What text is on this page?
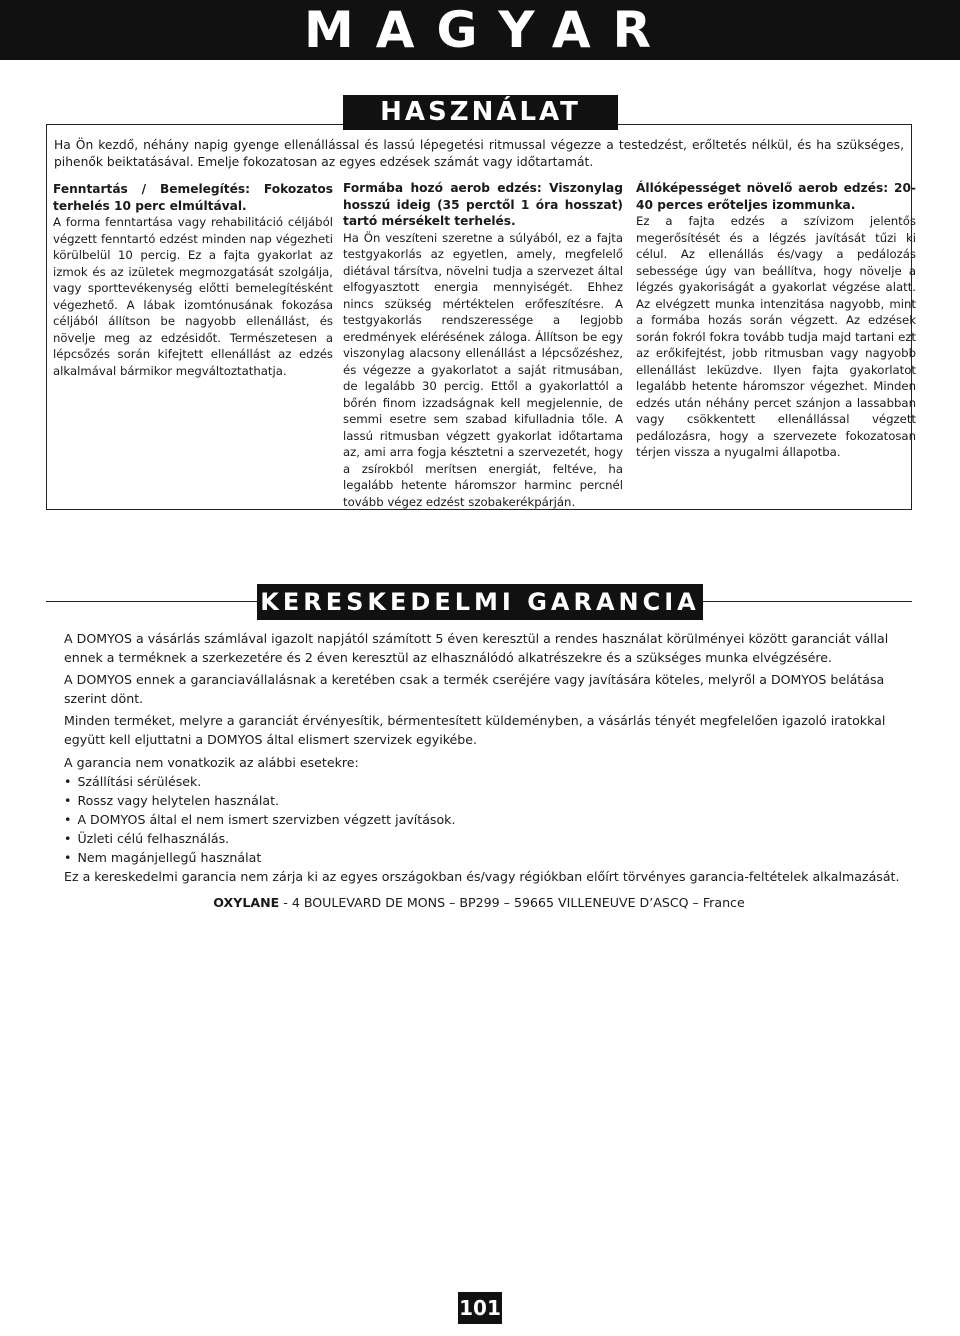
MAGYAR
HASZNÁLAT
Ha Ön kezdő, néhány napig gyenge ellenállással és lassú lépegetési ritmussal végezze a testedzést, erőltetés nélkül, és ha szükséges, pihenők beiktatásával. Emelje fokozatosan az egyes edzések számát vagy időtartamát.

Fenntartás / Bemelegítés: Fokozatos terhelés 10 perc elmúltával.

A forma fenntartása vagy rehabilitáció céljából végzett fenntartó edzést minden nap végezheti körülbelül 10 percig. Ez a fajta gyakorlat az izmok és az izületek megmozgatását szolgálja, vagy sporttevékenység előtti bemelegítésként végezhető. A lábak izomtónusának fokozása céljából állítson be nagyobb ellenállást, és növelje meg az edzésidőt. Természetesen a lépcsőzés során kifejtett ellenállást az edzés alkalmával bármikor megváltoztathatja.

Formába hozó aerob edzés: Viszonylag hosszú ideig (35 perctől 1 óra hosszat) tartó mérsékelt terhelés.

Ha Ön veszíteni szeretne a súlyából, ez a fajta testgyakorlás az egyetlen, amely, megfelelő diétával társítva, növelni tudja a szervezet által elfogyasztott energia mennyiségét. Ehhez nincs szükség mértéktelen erőfeszítésre. A testgyakorlás rendszeressége a legjobb eredmények elérésének záloga. Állítson be egy viszonylag alacsony ellenállást a lépcsőzéshez, és végezze a gyakorlatot a saját ritmusában, de legalább 30 percig. Ettől a gyakorlattól a bőrén finom izzadságnak kell megjelennie, de semmi esetre sem szabad kifulladnia tőle. A lassú ritmusban végzett gyakorlat időtartama az, ami arra fogja késztetni a szervezetét, hogy a zsírokból merítsen energiát, feltéve, ha legalább hetente háromszor harminc percnél tovább végez edzést szobakerékpárján.

Állóképességet növelő aerob edzés: 20-40 perces erőteljes izommunka.

Ez a fajta edzés a szívizom jelentős megerősítését és a légzés javítását tűzi ki célul. Az ellenállás és/vagy a pedálozás sebessége úgy van beállítva, hogy növelje a légzés gyakoriságát a gyakorlat végzése alatt. Az elvégzett munka intenzitása nagyobb, mint a formába hozás során végzett. Az edzések során fokról fokra tovább tudja majd tartani ezt az erőkifejtést, jobb ritmusban vagy nagyobb ellenállást leküzdve. Ilyen fajta gyakorlatot legalább hetente háromszor végezhet. Minden edzés után néhány percet szánjon a lassabban vagy csökkentett ellenállással végzett pedálozásra, hogy a szervezete fokozatosan térjen vissza a nyugalmi állapotba.

KERESKEDELMI GARANCIA
A DOMYOS a vásárlás számlával igazolt napjától számított 5 éven keresztül a rendes használat körülményei között garanciát vállal ennek a terméknek a szerkezetére és 2 éven keresztül az elhasználódó alkatrészekre és a szükséges munka elvégzésére.
A DOMYOS ennek a garanciavállalásnak a keretében csak a termék cseréjére vagy javítására köteles, melyről a DOMYOS belátása szerint dönt.
Minden terméket, melyre a garanciát érvényesítik, bérmentesített küldeményben, a vásárlás tényét megfelelően igazoló iratokkal együtt kell eljuttatni a DOMYOS által elismert szervizek egyikébe.
A garancia nem vonatkozik az alábbi esetekre:
• Szállítási sérülések.
• Rossz vagy helytelen használat.
• A DOMYOS által el nem ismert szervizben végzett javítások.
• Üzleti célú felhasználás.
• Nem magánjellegű használat
Ez a kereskedelmi garancia nem zárja ki az egyes országokban és/vagy régiókban előírt törvényes garancia-feltételek alkalmazását.
OXYLANE - 4 BOULEVARD DE MONS – BP299 – 59665 VILLENEUVE D’ASCQ – France
101
